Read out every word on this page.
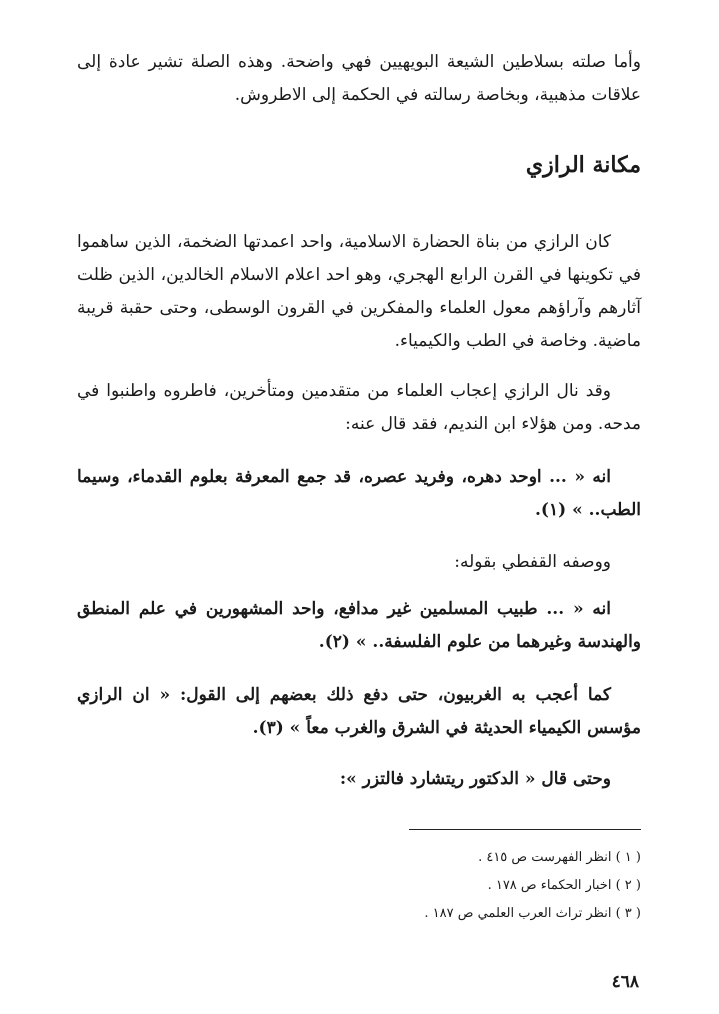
وأما صلته بسلاطين الشيعة البويهيين فهي واضحة. وهذه الصلة تشير عادة إلى علاقات مذهبية، وبخاصة رسالته في الحكمة إلى الاطروش.

مكانة الرازي

كان الرازي من بناة الحضارة الاسلامية، واحد اعمدتها الضخمة، الذين ساهموا في تكوينها في القرن الرابع الهجري، وهو احد اعلام الاسلام الخالدين، الذين ظلت آثارهم وآراؤهم معول العلماء والمفكرين في القرون الوسطى، وحتى حقبة قريبة ماضية. وخاصة في الطب والكيمياء.

وقد نال الرازي إعجاب العلماء من متقدمين ومتأخرين، فاطروه واطنبوا في مدحه. ومن هؤلاء ابن النديم، فقد قال عنه:

انه « ... اوحد دهره، وفريد عصره، قد جمع المعرفة بعلوم القدماء، وسيما الطب.. » (١).

ووصفه القفطي بقوله:

انه « ... طبيب المسلمين غير مدافع، واحد المشهورين في علم المنطق والهندسة وغيرهما من علوم الفلسفة.. » (٢).

كما أعجب به الغربيون، حتى دفع ذلك بعضهم إلى القول: « ان الرازي مؤسس الكيمياء الحديثة في الشرق والغرب معاً » (٣).

وحتى قال « الدكتور ريتشارد فالتزر »:

( ١ ) انظر الفهرست ص ٤١٥ .
( ٢ ) اخبار الحكماء ص ١٧٨ .
( ٣ ) انظر تراث العرب العلمي ص ١٨٧ .
٤٦٨
